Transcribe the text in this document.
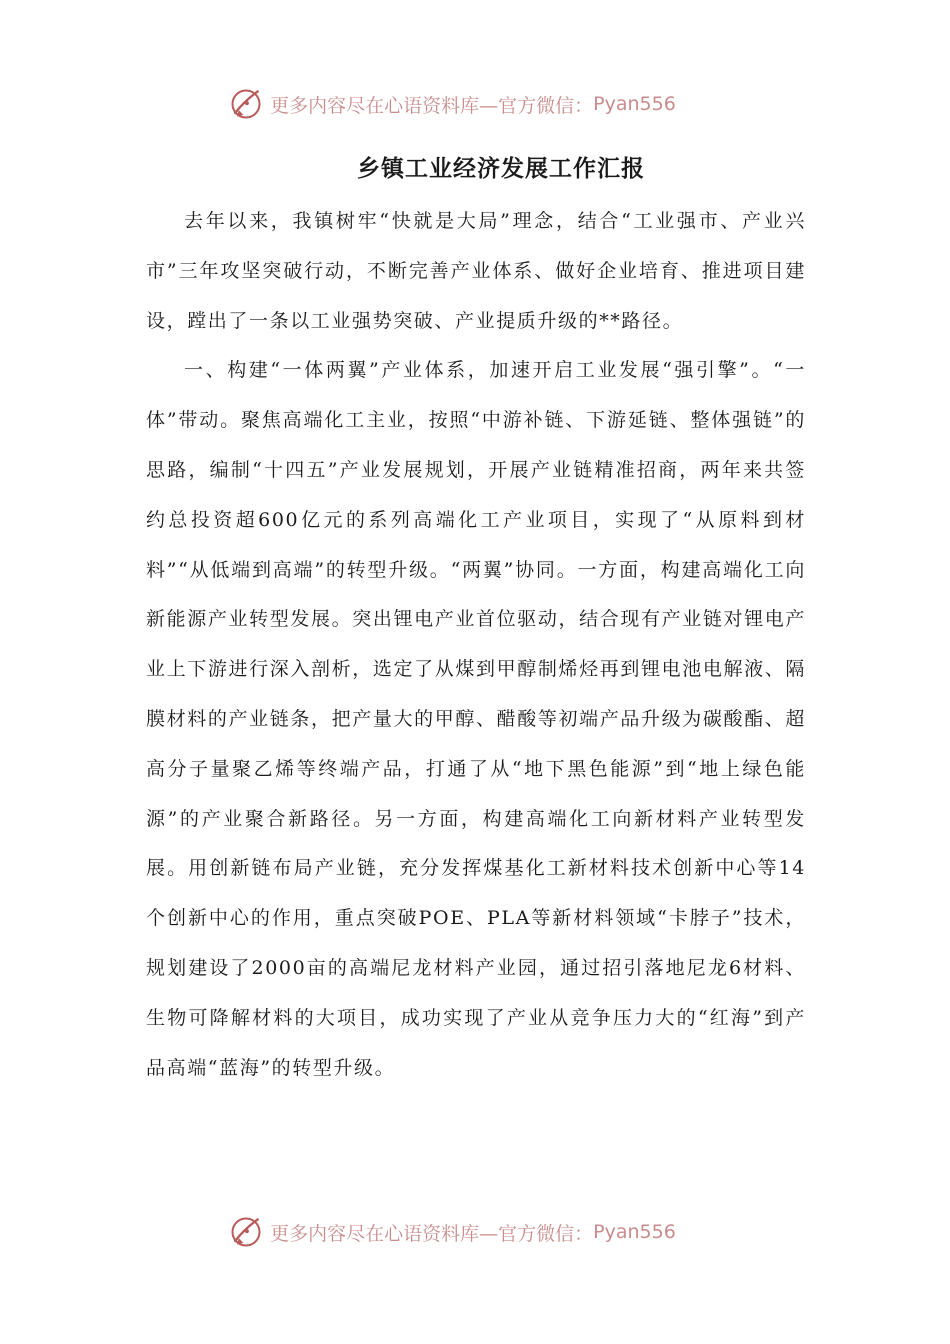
更多内容尽在心语资料库—官方微信： Pyan556
乡镇工业经济发展工作汇报

去年以来，我镇树牢“快就是大局”理念，结合“工业强市、产业兴市”三年攻坚突破行动，不断完善产业体系、做好企业培育、推进项目建设，蹚出了一条以工业强势突破、产业提质升级的**路径。

一、构建“一体两翼”产业体系，加速开启工业发展“强引擎”。“一体”带动。聚焦高端化工主业，按照“中游补链、下游延链、整体强链”的思路，编制“十四五”产业发展规划，开展产业链精准招商，两年来共签约总投资超600亿元的系列高端化工产业项目，实现了“从原料到材料”“从低端到高端”的转型升级。“两翼”协同。一方面，构建高端化工向新能源产业转型发展。突出锂电产业首位驱动，结合现有产业链对锂电产业上下游进行深入剖析，选定了从煤到甲醇制烯烃再到锂电池电解液、隔膜材料的产业链条，把产量大的甲醇、醋酸等初端产品升级为碳酸酯、超高分子量聚乙烯等终端产品，打通了从“地下黑色能源”到“地上绿色能源”的产业聚合新路径。另一方面，构建高端化工向新材料产业转型发展。用创新链布局产业链，充分发挥煤基化工新材料技术创新中心等14个创新中心的作用，重点突破POE、PLA等新材料领域“卡脖子”技术，规划建设了2000亩的高端尼龙材料产业园，通过招引落地尼龙6材料、生物可降解材料的大项目，成功实现了产业从竞争压力大的“红海”到产品高端“蓝海”的转型升级。

更多内容尽在心语资料库—官方微信： Pyan556
